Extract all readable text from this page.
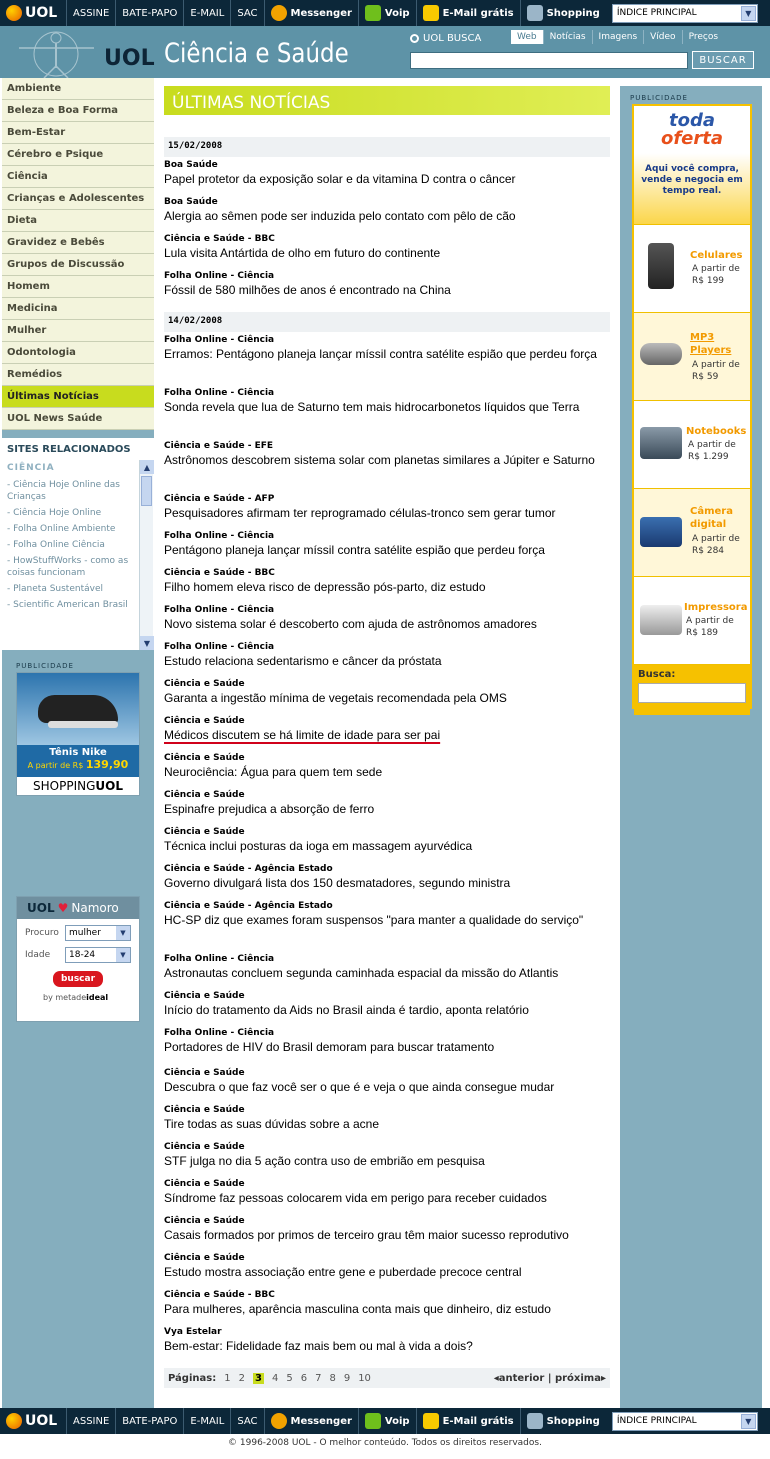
UOL	ASSINE	BATE-PAPO	E-MAIL	SAC	Messenger	Voip	E-Mail grátis	Shopping ÍNDICE PRINCIPAL	▼
UOL Ciência e Saúde	UOL BUSCA	Web	Notícias	Imagens	Vídeo	Preços
BUSCAR
Ambiente
Beleza e Boa Forma
Bem-Estar
Cérebro e Psique
Ciência
Crianças e Adolescentes
Dieta
Gravidez e Bebês
Grupos de Discussão
Homem
Medicina
Mulher
Odontologia
Remédios
Últimas Notícias
UOL News Saúde
SITES RELACIONADOS
CIÊNCIA
- Ciência Hoje Online das Crianças
- Ciência Hoje Online
- Folha Online Ambiente
- Folha Online Ciência
- HowStuffWorks - como as coisas funcionam
- Planeta Sustentável
- Scientific American Brasil
▲
▼
PUBLICIDADE
Tênis Nike
A partir de R$ 139,90
SHOPPINGUOL
UOL ♥ Namoro
Procuro	mulher	▼
Idade	18-24	▼
buscar
by metadeideal
ÚLTIMAS NOTÍCIAS
15/02/2008
Boa Saúde
Papel protetor da exposição solar e da vitamina D contra o câncer
Boa Saúde
Alergia ao sêmen pode ser induzida pelo contato com pêlo de cão
Ciência e Saúde - BBC
Lula visita Antártida de olho em futuro do continente
Folha Online - Ciência
Fóssil de 580 milhões de anos é encontrado na China
14/02/2008
Folha Online - Ciência
Erramos: Pentágono planeja lançar míssil contra satélite espião que perdeu força
Folha Online - Ciência
Sonda revela que lua de Saturno tem mais hidrocarbonetos líquidos que Terra
Ciência e Saúde - EFE
Astrônomos descobrem sistema solar com planetas similares a Júpiter e Saturno
Ciência e Saúde - AFP
Pesquisadores afirmam ter reprogramado células-tronco sem gerar tumor
Folha Online - Ciência
Pentágono planeja lançar míssil contra satélite espião que perdeu força
Ciência e Saúde - BBC
Filho homem eleva risco de depressão pós-parto, diz estudo
Folha Online - Ciência
Novo sistema solar é descoberto com ajuda de astrônomos amadores
Folha Online - Ciência
Estudo relaciona sedentarismo e câncer da próstata
Ciência e Saúde
Garanta a ingestão mínima de vegetais recomendada pela OMS
Ciência e Saúde
Médicos discutem se há limite de idade para ser pai
Ciência e Saúde
Neurociência: Água para quem tem sede
Ciência e Saúde
Espinafre prejudica a absorção de ferro
Ciência e Saúde
Técnica inclui posturas da ioga em massagem ayurvédica
Ciência e Saúde - Agência Estado
Governo divulgará lista dos 150 desmatadores, segundo ministra
Ciência e Saúde - Agência Estado
HC-SP diz que exames foram suspensos "para manter a qualidade do serviço"
Folha Online - Ciência
Astronautas concluem segunda caminhada espacial da missão do Atlantis
Ciência e Saúde
Início do tratamento da Aids no Brasil ainda é tardio, aponta relatório
Folha Online - Ciência
Portadores de HIV do Brasil demoram para buscar tratamento
Ciência e Saúde
Descubra o que faz você ser o que é e veja o que ainda consegue mudar
Ciência e Saúde
Tire todas as suas dúvidas sobre a acne
Ciência e Saúde
STF julga no dia 5 ação contra uso de embrião em pesquisa
Ciência e Saúde
Síndrome faz pessoas colocarem vida em perigo para receber cuidados
Ciência e Saúde
Casais formados por primos de terceiro grau têm maior sucesso reprodutivo
Ciência e Saúde
Estudo mostra associação entre gene e puberdade precoce central
Ciência e Saúde - BBC
Para mulheres, aparência masculina conta mais que dinheiro, diz estudo
Vya Estelar
Bem-estar: Fidelidade faz mais bem ou mal à vida a dois?
Páginas: 1 2 3 4 5 6 7 8 9 10	◂anterior | próxima▸
PUBLICIDADE
toda
oferta
Aqui você compra, vende e negocia em tempo real.
Celulares
A partir de
R$ 199
MP3 Players
A partir de
R$ 59
Notebooks
A partir de
R$ 1.299
Câmera digital
A partir de
R$ 284
Impressora
A partir de
R$ 189
Busca:
UOL	ASSINE	BATE-PAPO	E-MAIL	SAC	Messenger	Voip	E-Mail grátis	Shopping ÍNDICE PRINCIPAL	▼
© 1996-2008 UOL - O melhor conteúdo. Todos os direitos reservados.
